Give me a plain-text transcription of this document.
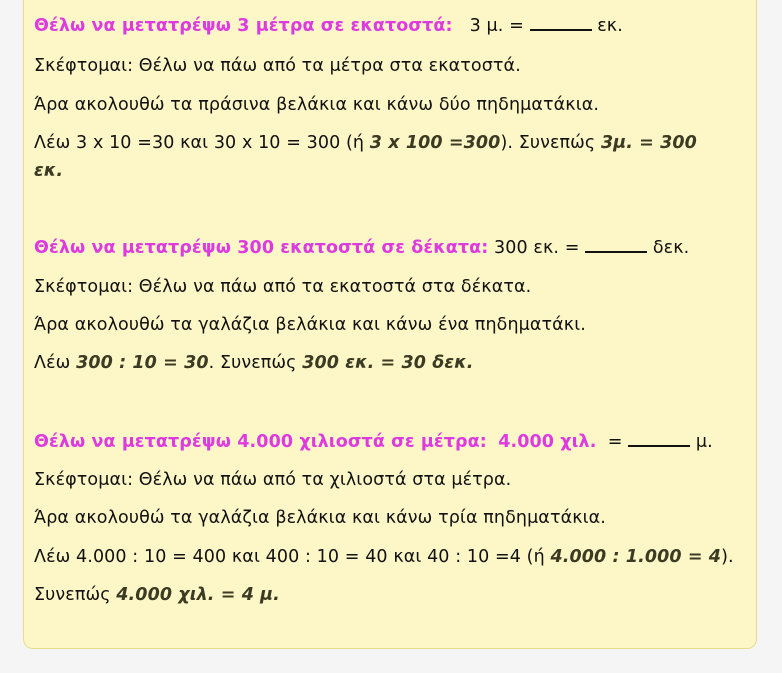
Θέλω να μετατρέψω 3 μέτρα σε εκατοστά: 3 μ. =	εκ.
Σκέφτομαι: Θέλω να πάω από τα μέτρα στα εκατοστά.
Άρα ακολουθώ τα πράσινα βελάκια και κάνω δύο πηδηματάκια.
Λέω 3 x 10 =30 και 30 x 10 = 300 (ή 3 x 100 =300). Συνεπώς 3μ. = 300
εκ.
Θέλω να μετατρέψω 300 εκατοστά σε δέκατα: 300 εκ. =	δεκ.
Σκέφτομαι: Θέλω να πάω από τα εκατοστά στα δέκατα.
Άρα ακολουθώ τα γαλάζια βελάκια και κάνω ένα πηδηματάκι.
Λέω 300 : 10 = 30. Συνεπώς 300 εκ. = 30 δεκ.
Θέλω να μετατρέψω 4.000 χιλιοστά σε μέτρα: 4.000 χιλ. =	μ.
Σκέφτομαι: Θέλω να πάω από τα χιλιοστά στα μέτρα.
Άρα ακολουθώ τα γαλάζια βελάκια και κάνω τρία πηδηματάκια.
Λέω 4.000 : 10 = 400 και 400 : 10 = 40 και 40 : 10 =4 (ή 4.000 : 1.000 = 4).
Συνεπώς 4.000 χιλ. = 4 μ.
